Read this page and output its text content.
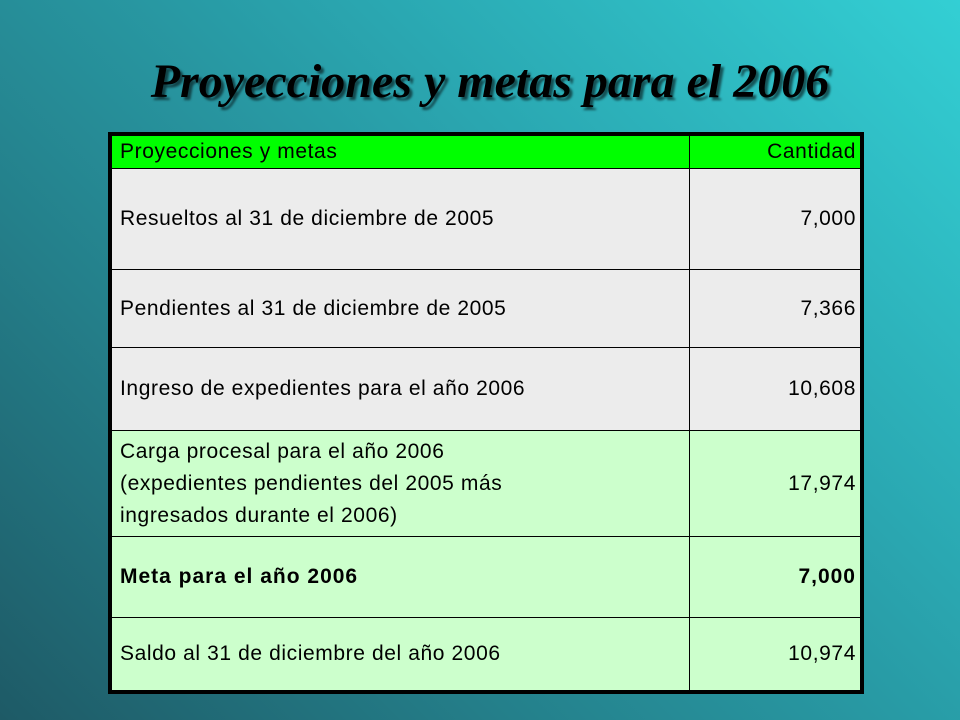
Proyecciones y metas para el 2006
Proyecciones y metas	Cantidad
Resueltos al 31 de diciembre de 2005	7,000
Pendientes al 31 de diciembre de 2005	7,366
Ingreso de expedientes para el año 2006	10,608
Carga procesal para el año 2006
(expedientes pendientes del 2005 más
ingresados durante el 2006)	17,974
Meta para el año 2006	7,000
Saldo al 31 de diciembre del año 2006	10,974
